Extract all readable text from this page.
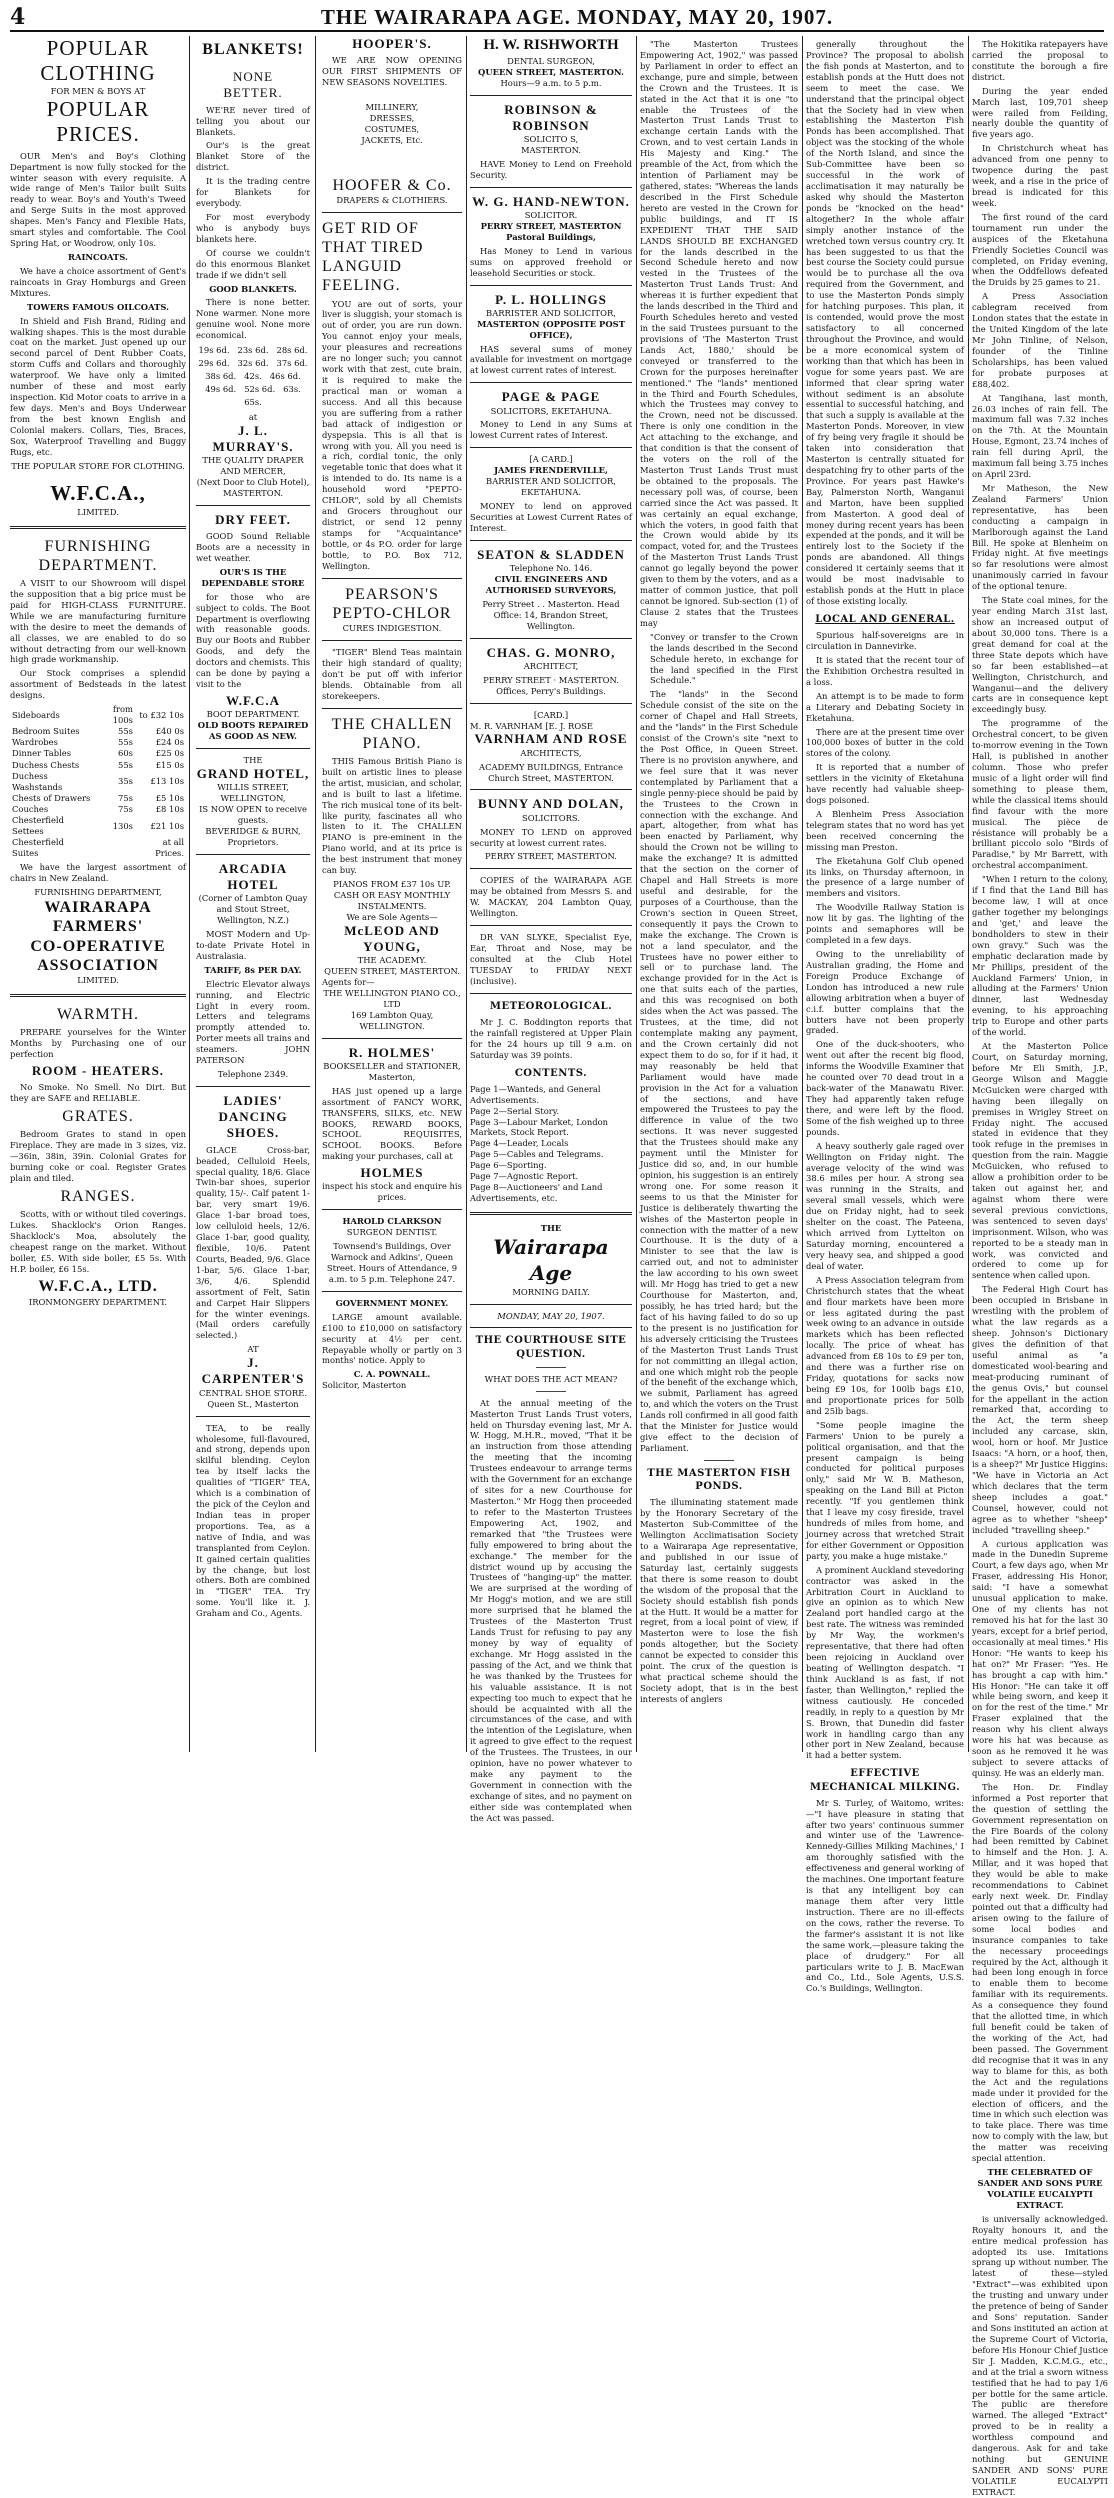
4	THE WAIRARAPA AGE. MONDAY, MAY 20, 1907.
POPULAR
CLOTHING
FOR MEN & BOYS AT
POPULAR
PRICES.

OUR Men's and Boy's Clothing Department is now fully stocked for the winter season with every requisite. A wide range of Men's Tailor built Suits ready to wear. Boy's and Youth's Tweed and Serge Suits in the most approved shapes. Men's Fancy and Flexible Hats, smart styles and comfortable. The Cool Spring Hat, or Woodrow, only 10s.

RAINCOATS.

We have a choice assortment of Gent's raincoats in Gray Homburgs and Green Mixtures.

TOWERS FAMOUS OILCOATS.

In Shield and Fish Brand, Riding and walking shapes. This is the most durable coat on the market. Just opened up our second parcel of Dent Rubber Coats, storm Cuffs and Collars and thoroughly waterproof. We have only a limited number of these and most early inspection. Kid Motor coats to arrive in a few days. Men's and Boys Underwear from the best known English and Colonial makers. Collars, Ties, Braces, Sox, Waterproof Travelling and Buggy Rugs, etc.

THE POPULAR STORE FOR CLOTHING.
W.F.C.A.,
LIMITED.
FURNISHING
DEPARTMENT.

A VISIT to our Showroom will dispel the supposition that a big price must be paid for HIGH-CLASS FURNITURE. While we are manufacturing furniture with the desire to meet the demands of all classes, we are enabled to do so without detracting from our well-known high grade workmanship.

Our Stock comprises a splendid assortment of Bedsteads in the latest designs.

Sideboards	from 100s	to £32 10s
Bedroom Suites	55s	£40 0s
Wardrobes	55s	£24 0s
Dinner Tables	60s	£25 0s
Duchess Chests	55s	£15 0s
Duchess Washstands	35s	£13 10s
Chests of Drawers	75s	£5 10s
Couches	75s	£8 10s
Chesterfield Settees	130s	£21 10s
Chesterfield Suites		at all Prices.

We have the largest assortment of chairs in New Zealand.

FURNISHING DEPARTMENT,
WAIRARAPA
FARMERS'
CO-OPERATIVE
ASSOCIATION
LIMITED.
WARMTH.

PREPARE yourselves for the Winter Months by Purchasing one of our perfection

ROOM - HEATERS.

No Smoke. No Smell. No Dirt. But they are SAFE and RELIABLE.

GRATES.

Bedroom Grates to stand in open Fireplace. They are made in 3 sizes, viz.—36in, 38in, 39in. Colonial Grates for burning coke or coal. Register Grates plain and tiled.

RANGES.

Scotts, with or without tiled coverings. Lukes. Shacklock's Orion Ranges. Shacklock's Moa, absolutely the cheapest range on the market. Without boiler, £5. With side boiler, £5 5s. With H.P. boiler, £6 15s.

W.F.C.A., LTD.
IRONMONGERY DEPARTMENT.
BLANKETS!
NONE
BETTER.

WE'RE never tired of telling you about our Blankets.

Our's is the great Blanket Store of the district.

It is the trading centre for Blankets for everybody.

For most everybody who is anybody buys blankets here.

Of course we couldn't do this enormous Blanket trade if we didn't sell

GOOD BLANKETS.

There is none better. None warmer. None more genuine wool. None more economical.

19s 6d. 23s 6d. 28s 6d.
29s 6d. 32s 6d. 37s 6d.
38s 6d. 42s. 46s 6d.
49s 6d. 52s 6d. 63s.
65s.
at
J. L. MURRAY'S.
THE QUALITY DRAPER AND MERCER,
(Next Door to Club Hotel), MASTERTON.
DRY FEET.

GOOD Sound Reliable Boots are a necessity in wet weather.

OUR'S IS THE DEPENDABLE STORE

for those who are subject to colds. The Boot Department is overflowing with reasonable goods. Buy our Boots and Rubber Goods, and defy the doctors and chemists. This can be done by paying a visit to the

W.F.C.A
BOOT DEPARTMENT.
OLD BOOTS REPAIRED AS GOOD AS NEW.
THE
GRAND HOTEL,
WILLIS STREET, WELLINGTON,
IS NOW OPEN to receive guests.
BEVERIDGE & BURN, Proprietors.
ARCADIA HOTEL
(Corner of Lambton Quay and Stout Street, Wellington, N.Z.)

MOST Modern and Up-to-date Private Hotel in Australasia.

TARIFF, 8s PER DAY.

Electric Elevator always running, and Electric Light in every room. Letters and telegrams promptly attended to. Porter meets all trains and steamers. JOHN PATERSON

Telephone 2349.
LADIES'
DANCING SHOES.

GLACE Cross-bar, beaded, Celluloid Heels, special quality, 18/6. Glace Twin-bar shoes, superior quality, 15/-. Calf patent 1-bar, very smart 19/6. Glace 1-bar broad toes, low celluloid heels, 12/6. Glace 1-bar, good quality, flexible, 10/6. Patent Courts, Beaded, 9/6. Glace 1-bar, 5/6. Glace 1-bar, 3/6, 4/6. Splendid assortment of Felt, Satin and Carpet Hair Slippers for the winter evenings. (Mail orders carefully selected.)

AT
J. CARPENTER'S
CENTRAL SHOE STORE.
Queen St., Masterton

TEA, to be really wholesome, full-flavoured, and strong, depends upon skilful blending. Ceylon tea by itself lacks the qualities of "TIGER" TEA, which is a combination of the pick of the Ceylon and Indian teas in proper proportions. Tea, as a native of India, and was transplanted from Ceylon. It gained certain qualities by the change, but lost others. Both are combined in "TIGER" TEA. Try some. You'll like it. J. Graham and Co., Agents.

HOOPER'S.

WE ARE NOW OPENING OUR FIRST SHIPMENTS OF NEW SEASONS NOVELTIES.

MILLINERY,
DRESSES,
COSTUMES,
JACKETS, Etc.
HOOFER & Co.
DRAPERS & CLOTHIERS.
GET RID OF THAT TIRED LANGUID FEELING.

YOU are out of sorts, your liver is sluggish, your stomach is out of order, you are run down. You cannot enjoy your meals, your pleasures and recreations are no longer such; you cannot work with that zest, cute brain, it is required to make the practical man or woman a success. And all this because you are suffering from a rather bad attack of indigestion or dyspepsia. This is all that is wrong with you. All you need is a rich, cordial tonic, the only vegetable tonic that does what it is intended to do. Its name is a household word "PEPTO-CHLOR", sold by all Chemists and Grocers throughout our district, or send 12 penny stamps for "Acquaintance" bottle, or 4s P.O. order for large bottle, to P.O. Box 712, Wellington.

PEARSON'S
PEPTO-CHLOR
CURES INDIGESTION.

"TIGER" Blend Teas maintain their high standard of quality; don't be put off with inferior blends. Obtainable from all storekeepers.

THE CHALLEN
PIANO.

THIS Famous British Piano is built on artistic lines to please the artist, musician, and scholar, and is built to last a lifetime. The rich musical tone of its belt-like purity, fascinates all who listen to it. The CHALLEN PIANO is pre-eminent in the Piano world, and at its price is the best instrument that money can buy.

PIANOS FROM £37 10s UP.
CASH OR EASY MONTHLY INSTALMENTS.
We are Sole Agents—
McLEOD AND YOUNG,
THE ACADEMY.
QUEEN STREET, MASTERTON.
Agents for—
THE WELLINGTON PIANO CO., LTD
169 Lambton Quay, WELLINGTON.
R. HOLMES'
BOOKSELLER and STATIONER,
Masterton,

HAS just opened up a large assortment of FANCY WORK, TRANSFERS, SILKS, etc. NEW BOOKS, REWARD BOOKS, SCHOOL REQUISITES, SCHOOL BOOKS. Before making your purchases, call at

HOLMES
inspect his stock and enquire his prices.
HAROLD CLARKSON
SURGEON DENTIST.

Townsend's Buildings, Over Warnock and Adkins', Queen Street. Hours of Attendance, 9 a.m. to 5 p.m. Telephone 247.

GOVERNMENT MONEY.

LARGE amount available. £100 to £10,000 on satisfactory security at 4½ per cent. Repayable wholly or partly on 3 months' notice. Apply to

C. A. POWNALL.
Solicitor, Masterton
H. W. RISHWORTH
DENTAL SURGEON,
QUEEN STREET, MASTERTON.
Hours—9 a.m. to 5 p.m.
ROBINSON & ROBINSON
SOLICITO S,
MASTERTON.

HAVE Money to Lend on Freehold Security.

W. G. HAND-NEWTON.
SOLICITOR.
PERRY STREET, MASTERTON Pastoral Buildings,

Has Money to Lend in various sums on approved freehold or leasehold Securities or stock.

P. L. HOLLINGS
BARRISTER AND SOLICITOR,
MASTERTON (OPPOSITE POST OFFICE),

HAS several sums of money available for investment on mortgage at lowest current rates of interest.

PAGE & PAGE
SOLICITORS, EKETAHUNA.

Money to Lend in any Sums at lowest Current rates of Interest.

[A CARD.]
JAMES FRENDERVILLE,
BARRISTER AND SOLICITOR,
EKETAHUNA.

MONEY to lend on approved Securities at Lowest Current Rates of Interest.

SEATON & SLADDEN
Telephone No. 146.
CIVIL ENGINEERS AND AUTHORISED SURVEYORS,

Perry Street . . Masterton. Head Office: 14, Brandon Street, Wellington.

CHAS. G. MONRO,
ARCHITECT,

PERRY STREET · MASTERTON. Offices, Perry's Buildings.

[CARD.]
M. R. VARNHAM [E. J. ROSE
VARNHAM AND ROSE
ARCHITECTS,

ACADEMY BUILDINGS, Entrance Church Street, MASTERTON.

BUNNY AND DOLAN,
SOLICITORS.

MONEY TO LEND on approved security at lowest current rates.

PERRY STREET, MASTERTON.

COPIES of the WAIRARAPA AGE may be obtained from Messrs S. and W. MACKAY, 204 Lambton Quay, Wellington.

DR VAN SLYKE, Specialist Eye, Ear, Throat and Nose, may be consulted at the Club Hotel TUESDAY to FRIDAY NEXT (inclusive).

METEOROLOGICAL.

Mr J. C. Boddington reports that the rainfall registered at Upper Plain for the 24 hours up till 9 a.m. on Saturday was 39 points.

CONTENTS.
Page 1—Wanteds, and General Advertisements.
Page 2—Serial Story.
Page 3—Labour Market, London Markets, Stock Report.
Page 4—Leader, Locals
Page 5—Cables and Telegrams.
Page 6—Sporting.
Page 7—Agnostic Report.
Page 8—Auctioneers' and Land Advertisements, etc.
THE
Wairarapa Age
MORNING DAILY.
MONDAY, MAY 20, 1907.
THE COURTHOUSE SITE QUESTION.
WHAT DOES THE ACT MEAN?

At the annual meeting of the Masterton Trust Lands Trust voters, held on Thursday evening last, Mr A. W. Hogg, M.H.R., moved, "That it be an instruction from those attending the meeting that the incoming Trustees endeavour to arrange terms with the Government for an exchange of sites for a new Courthouse for Masterton." Mr Hogg then proceeded to refer to the Masterton Trustees Empowering Act, 1902, and remarked that "the Trustees were fully empowered to bring about the exchange." The member for the district wound up by accusing the Trustees of "hanging-up" the matter. We are surprised at the wording of Mr Hogg's motion, and we are still more surprised that he blamed the Trustees of the Masterton Trust Lands Trust for refusing to pay any money by way of equality of exchange. Mr Hogg assisted in the passing of the Act, and we think that he was thanked by the Trustees for his valuable assistance. It is not expecting too much to expect that he should be acquainted with all the circumstances of the case, and with the intention of the Legislature, when it agreed to give effect to the request of the Trustees. The Trustees, in our opinion, have no power whatever to make any payment to the Government in connection with the exchange of sites, and no payment on either side was contemplated when the Act was passed.

"The Masterton Trustees Empowering Act, 1902," was passed by Parliament in order to effect an exchange, pure and simple, between the Crown and the Trustees. It is stated in the Act that it is one "to enable the Trustees of the Masterton Trust Lands Trust to exchange certain Lands with the Crown, and to vest certain Lands in His Majesty and King." The preamble of the Act, from which the intention of Parliament may be gathered, states: "Whereas the lands described in the First Schedule hereto are vested in the Crown for public buildings, and IT IS EXPEDIENT THAT THE SAID LANDS SHOULD BE EXCHANGED for the lands described in the Second Schedule hereto and now vested in the Trustees of the Masterton Trust Lands Trust: And whereas it is further expedient that the lands described in the Third and Fourth Schedules hereto and vested in the said Trustees pursuant to the provisions of 'The Masterton Trust Lands Act, 1880,' should be conveyed or transferred to the Crown for the purposes hereinafter mentioned." The "lands" mentioned in the Third and Fourth Schedules, which the Trustees may convey to the Crown, need not be discussed. There is only one condition in the Act attaching to the exchange, and that condition is that the consent of the voters on the roll of the Masterton Trust Lands Trust must be obtained to the proposals. The necessary poll was, of course, been carried since the Act was passed. It was certainly an equal exchange, which the voters, in good faith that the Crown would abide by its compact, voted for, and the Trustees of the Masterton Trust Lands Trust cannot go legally beyond the power given to them by the voters, and as a matter of common justice, that poll cannot be ignored. Sub-section (1) of Clause 2 states that the Trustees may

"Convey or transfer to the Crown the lands described in the Second Schedule hereto, in exchange for the land specified in the First Schedule."

The "lands" in the Second Schedule consist of the site on the corner of Chapel and Hall Streets, and the "lands" in the First Schedule consist of the Crown's site "next to the Post Office, in Queen Street. There is no provision anywhere, and we feel sure that it was never contemplated by Parliament that a single penny-piece should be paid by the Trustees to the Crown in connection with the exchange. And apart, altogether, from what has been enacted by Parliament, why should the Crown not be willing to make the exchange? It is admitted that the section on the corner of Chapel and Hall Streets is more useful and desirable, for the purposes of a Courthouse, than the Crown's section in Queen Street, consequently it pays the Crown to make the exchange. The Crown is not a land speculator, and the Trustees have no power either to sell or to purchase land. The exchange provided for in the Act is one that suits each of the parties, and this was recognised on both sides when the Act was passed. The Trustees, at the time, did not contemplate making any payment, and the Crown certainly did not expect them to do so, for if it had, it may reasonably be held that Parliament would have made provision in the Act for a valuation of the sections, and have empowered the Trustees to pay the difference in value of the two sections. It was never suggested that the Trustees should make any payment until the Minister for Justice did so, and, in our humble opinion, his suggestion is an entirely wrong one. For some reason it seems to us that the Minister for Justice is deliberately thwarting the wishes of the Masterton people in connection with the matter of a new Courthouse. It is the duty of a Minister to see that the law is carried out, and not to administer the law according to his own sweet will. Mr Hogg has tried to get a new Courthouse for Masterton, and, possibly, he has tried hard; but the fact of his having failed to do so up to the present is no justification for his adversely criticising the Trustees of the Masterton Trust Lands Trust for not committing an illegal action, and one which might rob the people of the benefit of the exchange which, we submit, Parliament has agreed to, and which the voters on the Trust Lands roll confirmed in all good faith that the Minister for Justice would give effect to the decision of Parliament.

THE MASTERTON FISH PONDS.

The illuminating statement made by the Honorary Secretary of the Masterton Sub-Committee of the Wellington Acclimatisation Society to a Wairarapa Age representative, and published in our issue of Saturday last, certainly suggests that there is some reason to doubt the wisdom of the proposal that the Society should establish fish ponds at the Hutt. It would be a matter for regret, from a local point of view, if Masterton were to lose the fish ponds altogether, but the Society cannot be expected to consider this point. The crux of the question is what practical scheme should the Society adopt, that is in the best interests of anglers

generally throughout the Province? The proposal to abolish the fish ponds at Masterton, and to establish ponds at the Hutt does not seem to meet the case. We understand that the principal object that the Society had in view when establishing the Masterton Fish Ponds has been accomplished. That object was the stocking of the whole of the North Island, and since the Sub-Committee have been so successful in the work of acclimatisation it may naturally be asked why should the Masterton ponds be "knocked on the head" altogether? In the whole affair simply another instance of the wretched town versus country cry. It has been suggested to us that the best course the Society could pursue would be to purchase all the ova required from the Government, and to use the Masterton Ponds simply for hatching purposes. This plan, it is contended, would prove the most satisfactory to all concerned throughout the Province, and would be a more economical system of working than that which has been in vogue for some years past. We are informed that clear spring water without sediment is an absolute essential to successful hatching, and that such a supply is available at the Masterton Ponds. Moreover, in view of fry being very fragile it should be taken into consideration that Masterton is centrally situated for despatching fry to other parts of the Province. For years past Hawke's Bay, Palmerston North, Wanganui and Marton, have been supplied from Masterton. A good deal of money during recent years has been expended at the ponds, and it will be entirely lost to the Society if the ponds are abandoned. All things considered it certainly seems that it would be most inadvisable to establish ponds at the Hutt in place of those existing locally.

LOCAL AND GENERAL.

Spurious half-sovereigns are in circulation in Dannevirke.

It is stated that the recent tour of the Exhibition Orchestra resulted in a loss.

An attempt is to be made to form a Literary and Debating Society in Eketahuna.

There are at the present time over 100,000 boxes of butter in the cold stores of the colony.

It is reported that a number of settlers in the vicinity of Eketahuna have recently had valuable sheep-dogs poisoned.

A Blenheim Press Association telegram states that no word has yet been received concerning the missing man Preston.

The Eketahuna Golf Club opened its links, on Thursday afternoon, in the presence of a large number of members and visitors.

The Woodville Railway Station is now lit by gas. The lighting of the points and semaphores will be completed in a few days.

Owing to the unreliability of Australian grading, the Home and Foreign Produce Exchange of London has introduced a new rule allowing arbitration when a buyer of c.i.f. butter complains that the butters have not been properly graded.

One of the duck-shooters, who went out after the recent big flood, informs the Woodville Examiner that he counted over 70 dead trout in a back-water of the Manawatu River. They had apparently taken refuge there, and were left by the flood. Some of the fish weighed up to three pounds.

A heavy southerly gale raged over Wellington on Friday night. The average velocity of the wind was 38.6 miles per hour. A strong sea was running in the Straits, and several small vessels, which were due on Friday night, had to seek shelter on the coast. The Pateena, which arrived from Lyttelton on Saturday morning, encountered a very heavy sea, and shipped a good deal of water.

A Press Association telegram from Christchurch states that the wheat and flour markets have been more or less agitated during the past week owing to an advance in outside markets which has been reflected locally. The price of wheat has advanced from £8 10s to £9 per ton, and there was a further rise on Friday, quotations for sacks now being £9 10s, for 100lb bags £10, and proportionate prices for 50lb and 25lb bags.

"Some people imagine the Farmers' Union to be purely a political organisation, and that the present campaign is being conducted for political purposes only," said Mr W. B. Matheson, speaking on the Land Bill at Picton recently. "If you gentlemen think that I leave my cosy fireside, travel hundreds of miles from home, and journey across that wretched Strait for either Government or Opposition party, you make a huge mistake."

A prominent Auckland stevedoring contractor was asked in the Arbitration Court in Auckland to give an opinion as to which New Zealand port handled cargo at the best rate. The witness was reminded by Mr Way, the workmen's representative, that there had often been rejoicing in Auckland over beating of Wellington despatch. "I think Auckland is as fast, if not faster, than Wellington," replied the witness cautiously. He conceded readily, in reply to a question by Mr S. Brown, that Dunedin did faster work in handling cargo than any other port in New Zealand, because it had a better system.

EFFECTIVE MECHANICAL MILKING.

Mr S. Turley, of Waitomo, writes:—"I have pleasure in stating that after two years' continuous summer and winter use of the 'Lawrence-Kennedy-Gillies Milking Machines,' I am thoroughly satisfied with the effectiveness and general working of the machines. One important feature is that any intelligent boy can manage them after very little instruction. There are no ill-effects on the cows, rather the reverse. To the farmer's assistant it is not like the same work,—pleasure taking the place of drudgery." For all particulars write to J. B. MacEwan and Co., Ltd., Sole Agents, U.S.S. Co.'s Buildings, Wellington.

The Hokitika ratepayers have carried the proposal to constitute the borough a fire district.

During the year ended March last, 109,701 sheep were railed from Feilding, nearly double the quantity of five years ago.

In Christchurch wheat has advanced from one penny to twopence during the past week, and a rise in the price of bread is indicated for this week.

The first round of the card tournament run under the auspices of the Eketahuna Friendly Societies Council was completed, on Friday evening, when the Oddfellows defeated the Druids by 25 games to 21.

A Press Association cablegram received from London states that the estate in the United Kingdom of the late Mr John Tinline, of Nelson, founder of the Tinline Scholarships, has been valued for probate purposes at £88,402.

At Tangihana, last month, 26.03 inches of rain fell. The maximum fall was 7.32 inches on the 7th. At the Mountain House, Egmont, 23.74 inches of rain fell during April, the maximum fall being 3.75 inches on April 23rd.

Mr Matheson, the New Zealand Farmers' Union representative, has been conducting a campaign in Marlborough against the Land Bill. He spoke at Blenheim on Friday night. At five meetings so far resolutions were almost unanimously carried in favour of the optional tenure.

The State coal mines, for the year ending March 31st last, show an increased output of about 30,000 tons. There is a great demand for coal at the three State depots which have so far been established—at Wellington, Christchurch, and Wanganui—and the delivery carts are in consequence kept exceedingly busy.

The programme of the Orchestral concert, to be given to-morrow evening in the Town Hall, is published in another column. Those who prefer music of a light order will find something to please them, while the classical items should find favour with the more musical. The pièce de résistance will probably be a brilliant piccolo solo "Birds of Paradise," by Mr Barrett, with orchestral accompaniment.

"When I return to the colony, if I find that the Land Bill has become law, I will at once gather together my belongings and 'get,' and leave the bondholders to stew in their own gravy." Such was the emphatic declaration made by Mr Phillips, president of the Auckland Farmers' Union, in alluding at the Farmers' Union dinner, last Wednesday evening, to his approaching trip to Europe and other parts of the world.

At the Masterton Police Court, on Saturday morning, before Mr Eli Smith, J.P., George Wilson and Maggie McGuicken were charged with having been illegally on premises in Wrigley Street on Friday night. The accused stated in evidence that they took refuge in the premises in question from the rain. Maggie McGuicken, who refused to allow a prohibition order to be taken out against her, and against whom there were several previous convictions, was sentenced to seven days' imprisonment. Wilson, who was reported to be a steady man in work, was convicted and ordered to come up for sentence when called upon.

The Federal High Court has been occupied in Brisbane in wrestling with the problem of what the law regards as a sheep. Johnson's Dictionary gives the definition of that useful animal as "a domesticated wool-bearing and meat-producing ruminant of the genus Ovis," but counsel for the appellant in the action remarked that, according to the Act, the term sheep included any carcase, skin, wool, horn or hoof. Mr Justice Isaacs: "A horn, or a hoof, then, is a sheep?" Mr Justice Higgins: "We have in Victoria an Act which declares that the term sheep includes a goat." Counsel, however, could not agree as to whether "sheep" included "travelling sheep."

A curious application was made in the Dunedin Supreme Court, a few days ago, when Mr Fraser, addressing His Honor, said: "I have a somewhat unusual application to make. One of my clients has not removed his hat for the last 30 years, except for a brief period, occasionally at meal times." His Honor: "He wants to keep his hat on?" Mr Fraser: "Yes. He has brought a cap with him." His Honor: "He can take it off while being sworn, and keep it on for the rest of the time." Mr Fraser explained that the reason why his client always wore his hat was because as soon as he removed it he was subject to severe attacks of quinsy. He was an elderly man.

The Hon. Dr. Findlay informed a Post reporter that the question of settling the Government representation on the Fire Boards of the colony had been remitted by Cabinet to himself and the Hon. J. A. Millar, and it was hoped that they would be able to make recommendations to Cabinet early next week. Dr. Findlay pointed out that a difficulty had arisen owing to the failure of some local bodies and insurance companies to take the necessary proceedings required by the Act, although it had been long enough in force to enable them to become familiar with its requirements. As a consequence they found that the allotted time, in which full benefit could be taken of the working of the Act, had been passed. The Government did recognise that it was in any way to blame for this, as both the Act and the regulations made under it provided for the election of officers, and the time in which such election was to take place. There was time now to comply with the law, but the matter was receiving special attention.

THE CELEBRATED OF SANDER AND SONS PURE VOLATILE EUCALYPTI EXTRACT.

is universally acknowledged. Royalty honours it, and the entire medical profession has adopted its use. Imitations sprang up without number. The latest of these—styled "Extract"—was exhibited upon the trusting and unwary under the pretence of being of Sander and Sons' reputation. Sander and Sons instituted an action at the Supreme Court of Victoria, before His Honour Chief Justice Sir J. Madden, K.C.M.G., etc., and at the trial a sworn witness testified that he had to pay 1/6 per bottle for the same article. The public are therefore warned. The alleged "Extract" proved to be in reality a worthless compound and dangerous. Ask for and take nothing but GENUINE SANDER AND SONS' PURE VOLATILE EUCALYPTI EXTRACT.
